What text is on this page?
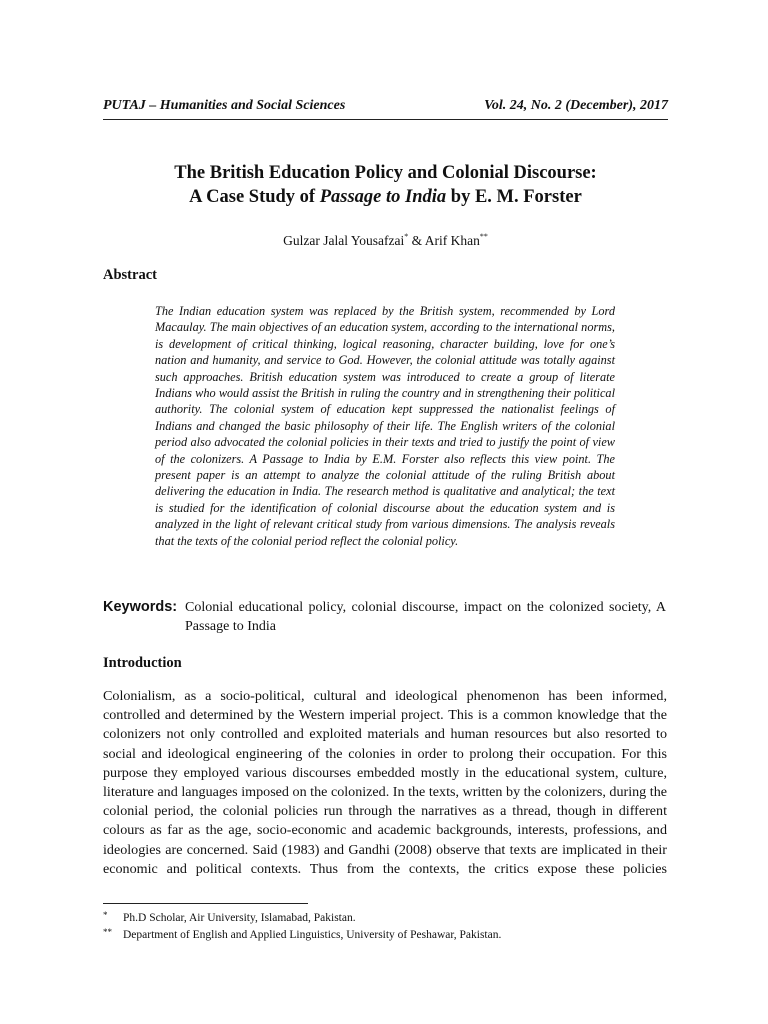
PUTAJ – Humanities and Social Sciences	Vol. 24, No. 2 (December), 2017
The British Education Policy and Colonial Discourse:
A Case Study of Passage to India by E. M. Forster
Gulzar Jalal Yousafzai* & Arif Khan**
Abstract
The Indian education system was replaced by the British system, recommended by Lord Macaulay. The main objectives of an education system, according to the international norms, is development of critical thinking, logical reasoning, character building, love for one’s nation and humanity, and service to God. However, the colonial attitude was totally against such approaches. British education system was introduced to create a group of literate Indians who would assist the British in ruling the country and in strengthening their political authority. The colonial system of education kept suppressed the nationalist feelings of Indians and changed the basic philosophy of their life. The English writers of the colonial period also advocated the colonial policies in their texts and tried to justify the point of view of the colonizers. A Passage to India by E.M. Forster also reflects this view point. The present paper is an attempt to analyze the colonial attitude of the ruling British about delivering the education in India. The research method is qualitative and analytical; the text is studied for the identification of colonial discourse about the education system and is analyzed in the light of relevant critical study from various dimensions. The analysis reveals that the texts of the colonial period reflect the colonial policy.
Keywords: Colonial educational policy, colonial discourse, impact on the colonized society, A Passage to India
Introduction
Colonialism, as a socio-political, cultural and ideological phenomenon has been informed, controlled and determined by the Western imperial project. This is a common knowledge that the colonizers not only controlled and exploited materials and human resources but also resorted to social and ideological engineering of the colonies in order to prolong their occupation. For this purpose they employed various discourses embedded mostly in the educational system, culture, literature and languages imposed on the colonized. In the texts, written by the colonizers, during the colonial period, the colonial policies run through the narratives as a thread, though in different colours as far as the age, socio-economic and academic backgrounds, interests, professions, and ideologies are concerned. Said (1983) and Gandhi (2008) observe that texts are implicated in their economic and political contexts. Thus from the contexts, the critics expose these policies
*	Ph.D Scholar, Air University, Islamabad, Pakistan.
** Department of English and Applied Linguistics, University of Peshawar, Pakistan.
